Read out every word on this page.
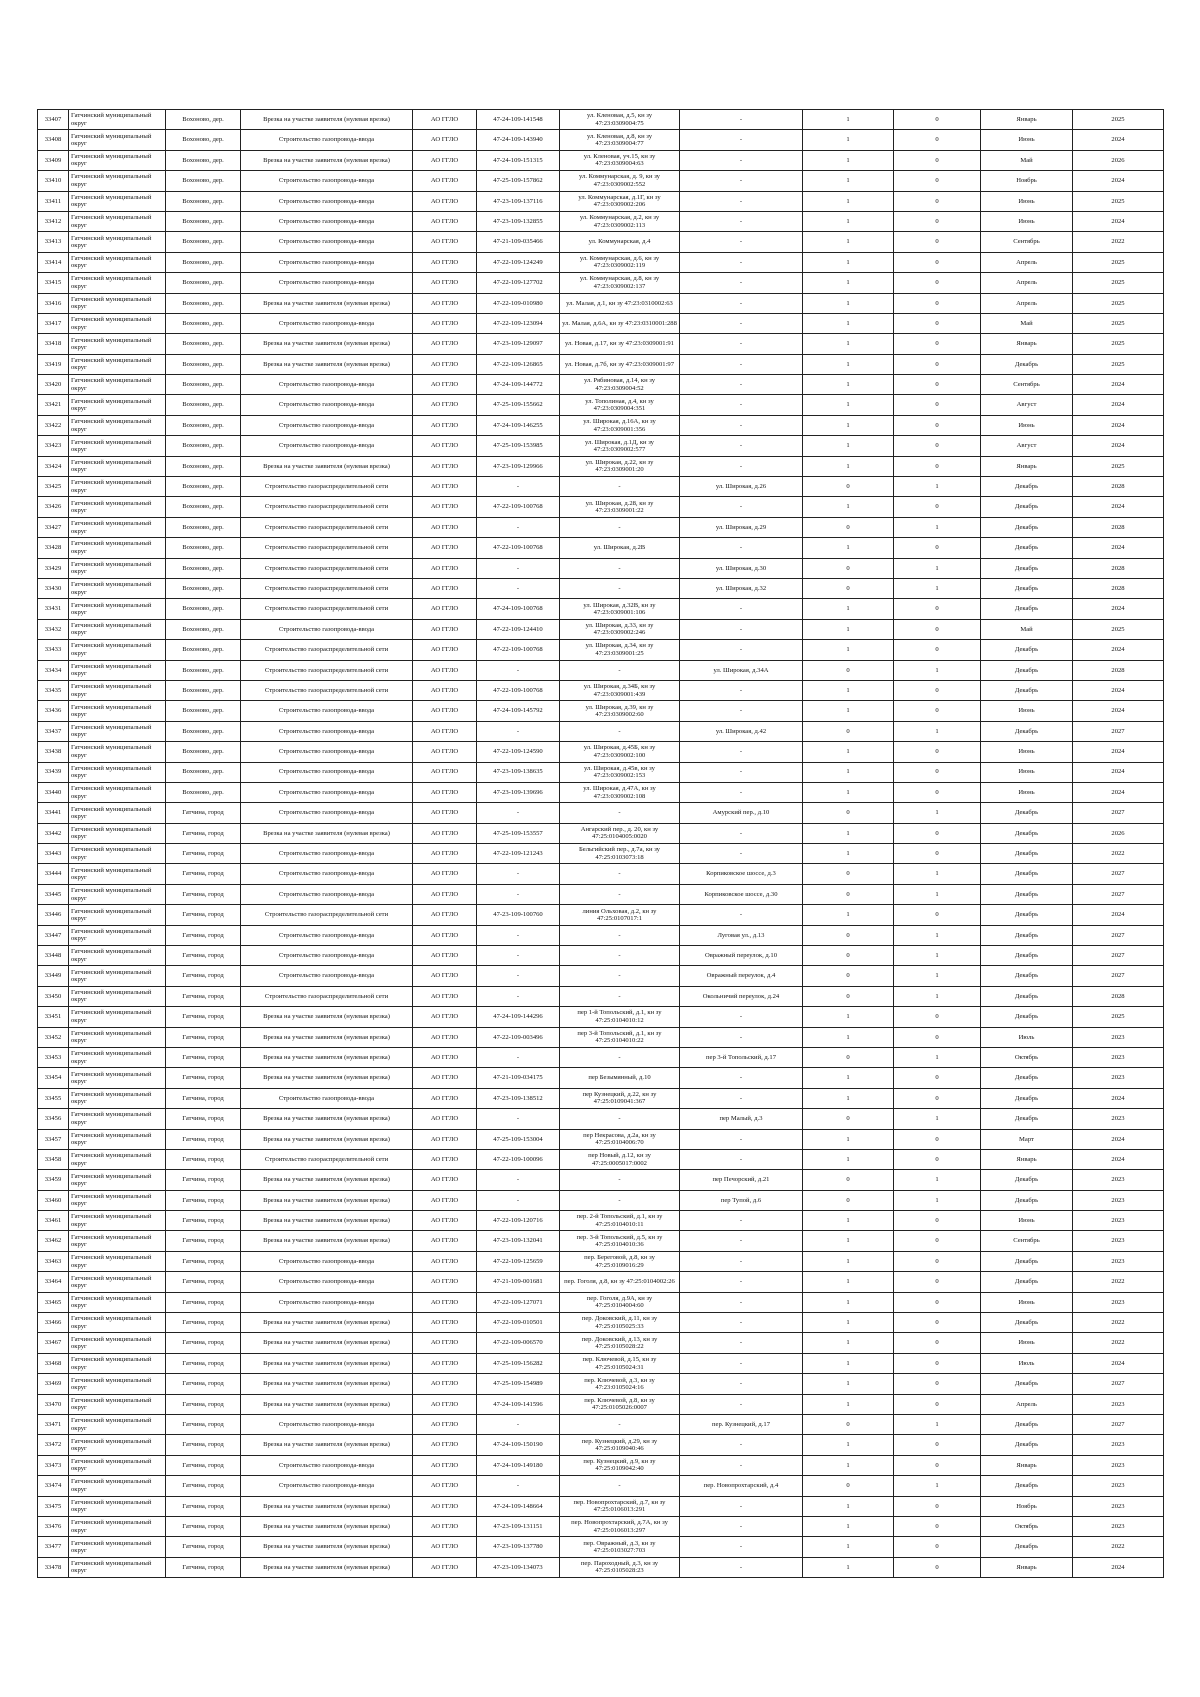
33407	Гатчинский муниципальный округ	Вохоново, дер.	Врезка на участке заявителя (нулевая врезка)	АО ГГЛО	47-24-109-141548	ул. Кленовая, д.5, кн зу 47:23:0309004:75	-	1	0	Январь	2025
33408	Гатчинский муниципальный округ	Вохоново, дер.	Строительство газопровода-ввода	АО ГГЛО	47-24-109-143940	ул. Кленовая, д.8, кн зу 47:23:0309004:77	-	1	0	Июнь	2024
33409	Гатчинский муниципальный округ	Вохоново, дер.	Врезка на участке заявителя (нулевая врезка)	АО ГГЛО	47-24-109-151315	ул. Кленовая, уч.15, кн зу 47:23:0309004:63	-	1	0	Май	2026
33410	Гатчинский муниципальный округ	Вохоново, дер.	Строительство газопровода-ввода	АО ГГЛО	47-25-109-157862	ул. Коммунарская, д. 9, кн зу 47:23:0309002:552	-	1	0	Ноябрь	2024
33411	Гатчинский муниципальный округ	Вохоново, дер.	Строительство газопровода-ввода	АО ГГЛО	47-23-109-137116	ул. Коммунарская, д.1Г, кн зу 47:23:0309002:206	-	1	0	Июнь	2025
33412	Гатчинский муниципальный округ	Вохоново, дер.	Строительство газопровода-ввода	АО ГГЛО	47-23-109-132855	ул. Коммунарская, д.2, кн зу 47:23:0309002:113	-	1	0	Июнь	2024
33413	Гатчинский муниципальный округ	Вохоново, дер.	Строительство газопровода-ввода	АО ГГЛО	47-21-109-035466	ул. Коммунарская, д.4	-	1	0	Сентябрь	2022
33414	Гатчинский муниципальный округ	Вохоново, дер.	Строительство газопровода-ввода	АО ГГЛО	47-22-109-124249	ул. Коммунарская, д.6, кн зу 47:23:0309002:119	-	1	0	Апрель	2025
33415	Гатчинский муниципальный округ	Вохоново, дер.	Строительство газопровода-ввода	АО ГГЛО	47-22-109-127702	ул. Коммунарская, д.8, кн зу 47:23:0309002:137	-	1	0	Апрель	2025
33416	Гатчинский муниципальный округ	Вохоново, дер.	Врезка на участке заявителя (нулевая врезка)	АО ГГЛО	47-22-109-010980	ул. Малая, д.1, кн зу 47:23:0310002:63	-	1	0	Апрель	2025
33417	Гатчинский муниципальный округ	Вохоново, дер.	Строительство газопровода-ввода	АО ГГЛО	47-22-109-123094	ул. Малая, д.6А, кн зу 47:23:0310001:288	-	1	0	Май	2025
33418	Гатчинский муниципальный округ	Вохоново, дер.	Врезка на участке заявителя (нулевая врезка)	АО ГГЛО	47-23-109-129097	ул. Новая, д.17, кн зу 47:23:0309001:91	-	1	0	Январь	2025
33419	Гатчинский муниципальный округ	Вохоново, дер.	Врезка на участке заявителя (нулевая врезка)	АО ГГЛО	47-22-109-126865	ул. Новая, д.7б, кн зу 47:23:0309001:97	-	1	0	Декабрь	2025
33420	Гатчинский муниципальный округ	Вохоново, дер.	Строительство газопровода-ввода	АО ГГЛО	47-24-109-144772	ул. Рябиновая, д.14, кн зу 47:23:0309004:52	-	1	0	Сентябрь	2024
33421	Гатчинский муниципальный округ	Вохоново, дер.	Строительство газопровода-ввода	АО ГГЛО	47-25-109-155662	ул. Тополиная, д.4, кн зу 47:23:0309004:351	-	1	0	Август	2024
33422	Гатчинский муниципальный округ	Вохоново, дер.	Строительство газопровода-ввода	АО ГГЛО	47-24-109-146255	ул. Широкая, д.16А, кн зу 47:23:0309001:356	-	1	0	Июнь	2024
33423	Гатчинский муниципальный округ	Вохоново, дер.	Строительство газопровода-ввода	АО ГГЛО	47-25-109-153985	ул. Широкая, д.1Д, кн зу 47:23:0309002:577	-	1	0	Август	2024
33424	Гатчинский муниципальный округ	Вохоново, дер.	Врезка на участке заявителя (нулевая врезка)	АО ГГЛО	47-23-109-129966	ул. Широкая, д.22, кн зу 47:23:0309001:20	-	1	0	Январь	2025
33425	Гатчинский муниципальный округ	Вохоново, дер.	Строительство газораспределительной сети	АО ГГЛО	-	-	ул. Широкая, д.26	0	1	Декабрь	2028
33426	Гатчинский муниципальный округ	Вохоново, дер.	Строительство газораспределительной сети	АО ГГЛО	47-22-109-100768	ул. Широкая, д.28, кн зу 47:23:0309001:22	-	1	0	Декабрь	2024
33427	Гатчинский муниципальный округ	Вохоново, дер.	Строительство газораспределительной сети	АО ГГЛО	-	-	ул. Широкая, д.29	0	1	Декабрь	2028
33428	Гатчинский муниципальный округ	Вохоново, дер.	Строительство газораспределительной сети	АО ГГЛО	47-22-109-100768	ул. Широкая, д.2В	-	1	0	Декабрь	2024
33429	Гатчинский муниципальный округ	Вохоново, дер.	Строительство газораспределительной сети	АО ГГЛО	-	-	ул. Широкая, д.30	0	1	Декабрь	2028
33430	Гатчинский муниципальный округ	Вохоново, дер.	Строительство газораспределительной сети	АО ГГЛО	-	-	ул. Широкая, д.32	0	1	Декабрь	2028
33431	Гатчинский муниципальный округ	Вохоново, дер.	Строительство газораспределительной сети	АО ГГЛО	47-24-109-100768	ул. Широкая, д.32В, кн зу 47:23:0309001:106	-	1	0	Декабрь	2024
33432	Гатчинский муниципальный округ	Вохоново, дер.	Строительство газопровода-ввода	АО ГГЛО	47-22-109-124410	ул. Широкая, д.33, кн зу 47:23:0309002:246	-	1	0	Май	2025
33433	Гатчинский муниципальный округ	Вохоново, дер.	Строительство газораспределительной сети	АО ГГЛО	47-22-109-100768	ул. Широкая, д.34, кн зу 47:23:0309001:25	-	1	0	Декабрь	2024
33434	Гатчинский муниципальный округ	Вохоново, дер.	Строительство газораспределительной сети	АО ГГЛО	-	-	ул. Широкая, д.34А	0	1	Декабрь	2028
33435	Гатчинский муниципальный округ	Вохоново, дер.	Строительство газораспределительной сети	АО ГГЛО	47-22-109-100768	ул. Широкая, д.34Б, кн зу 47:23:0309001:439	-	1	0	Декабрь	2024
33436	Гатчинский муниципальный округ	Вохоново, дер.	Строительство газопровода-ввода	АО ГГЛО	47-24-109-145792	ул. Широкая, д.39, кн зу 47:23:0309002:60	-	1	0	Июнь	2024
33437	Гатчинский муниципальный округ	Вохоново, дер.	Строительство газопровода-ввода	АО ГГЛО	-	-	ул. Широкая, д.42	0	1	Декабрь	2027
33438	Гатчинский муниципальный округ	Вохоново, дер.	Строительство газопровода-ввода	АО ГГЛО	47-22-109-124590	ул. Широкая, д.45Б, кн зу 47:23:0309002:100	-	1	0	Июнь	2024
33439	Гатчинский муниципальный округ	Вохоново, дер.	Строительство газопровода-ввода	АО ГГЛО	47-23-109-138635	ул. Широкая, д.45в, кн зу 47:23:0309002:153	-	1	0	Июнь	2024
33440	Гатчинский муниципальный округ	Вохоново, дер.	Строительство газопровода-ввода	АО ГГЛО	47-23-109-139696	ул. Широкая, д.47А, кн зу 47:23:0309002:108	-	1	0	Июнь	2024
33441	Гатчинский муниципальный округ	Гатчина, город	Строительство газопровода-ввода	АО ГГЛО	-	-	Амурский пер., д.10	0	1	Декабрь	2027
33442	Гатчинский муниципальный округ	Гатчина, город	Врезка на участке заявителя (нулевая врезка)	АО ГГЛО	47-25-109-153557	Ангарский пер., д. 20, кн зу 47:25:0104005:0020	-	1	0	Декабрь	2026
33443	Гатчинский муниципальный округ	Гатчина, город	Строительство газопровода-ввода	АО ГГЛО	47-22-109-121243	Бельгийский пер., д.7а, кн зу 47:25:0103073:18	-	1	0	Декабрь	2022
33444	Гатчинский муниципальный округ	Гатчина, город	Строительство газопровода-ввода	АО ГГЛО	-	-	Корпиковское шоссе, д.3	0	1	Декабрь	2027
33445	Гатчинский муниципальный округ	Гатчина, город	Строительство газопровода-ввода	АО ГГЛО	-	-	Корпиковское шоссе, д.30	0	1	Декабрь	2027
33446	Гатчинский муниципальный округ	Гатчина, город	Строительство газораспределительной сети	АО ГГЛО	47-23-109-100760	линия Ольховая, д.2, кн зу 47:25:0107017:1	-	1	0	Декабрь	2024
33447	Гатчинский муниципальный округ	Гатчина, город	Строительство газопровода-ввода	АО ГГЛО	-	-	Луговая ул., д.13	0	1	Декабрь	2027
33448	Гатчинский муниципальный округ	Гатчина, город	Строительство газопровода-ввода	АО ГГЛО	-	-	Овражный переулок, д.10	0	1	Декабрь	2027
33449	Гатчинский муниципальный округ	Гатчина, город	Строительство газопровода-ввода	АО ГГЛО	-	-	Овражный переулок, д.4	0	1	Декабрь	2027
33450	Гатчинский муниципальный округ	Гатчина, город	Строительство газораспределительной сети	АО ГГЛО	-	-	Окольничий переулок, д.24	0	1	Декабрь	2028
33451	Гатчинский муниципальный округ	Гатчина, город	Врезка на участке заявителя (нулевая врезка)	АО ГГЛО	47-24-109-144296	пер 1-й Топольский, д.1, кн зу 47:25:0104010:12	-	1	0	Декабрь	2025
33452	Гатчинский муниципальный округ	Гатчина, город	Врезка на участке заявителя (нулевая врезка)	АО ГГЛО	47-22-109-003496	пер 3-й Топольский, д.1, кн зу 47:25:0104010:22	-	1	0	Июль	2023
33453	Гатчинский муниципальный округ	Гатчина, город	Врезка на участке заявителя (нулевая врезка)	АО ГГЛО	-	-	пер 3-й Топольский, д.17	0	1	Октябрь	2023
33454	Гатчинский муниципальный округ	Гатчина, город	Врезка на участке заявителя (нулевая врезка)	АО ГГЛО	47-21-109-034175	пер Безымянный, д.10	-	1	0	Декабрь	2023
33455	Гатчинский муниципальный округ	Гатчина, город	Строительство газопровода-ввода	АО ГГЛО	47-23-109-138512	пер Кузнецкий, д.22, кн зу 47:25:0109041:367	-	1	0	Декабрь	2024
33456	Гатчинский муниципальный округ	Гатчина, город	Врезка на участке заявителя (нулевая врезка)	АО ГГЛО	-	-	пер Малый, д.3	0	1	Декабрь	2023
33457	Гатчинский муниципальный округ	Гатчина, город	Врезка на участке заявителя (нулевая врезка)	АО ГГЛО	47-25-109-153004	пер Некрасова, д.2а, кн зу 47:25:0104006:70	-	1	0	Март	2024
33458	Гатчинский муниципальный округ	Гатчина, город	Строительство газораспределительной сети	АО ГГЛО	47-22-109-100096	пер Новый, д.12, кн зу 47:25:0005017:0002	-	1	0	Январь	2024
33459	Гатчинский муниципальный округ	Гатчина, город	Врезка на участке заявителя (нулевая врезка)	АО ГГЛО	-	-	пер Печорский, д.21	0	1	Декабрь	2023
33460	Гатчинский муниципальный округ	Гатчина, город	Врезка на участке заявителя (нулевая врезка)	АО ГГЛО	-	-	пер Тупой, д.6	0	1	Декабрь	2023
33461	Гатчинский муниципальный округ	Гатчина, город	Врезка на участке заявителя (нулевая врезка)	АО ГГЛО	47-22-109-120716	пер. 2-й Топольский, д.1, кн зу 47:25:0104010:11	-	1	0	Июнь	2023
33462	Гатчинский муниципальный округ	Гатчина, город	Врезка на участке заявителя (нулевая врезка)	АО ГГЛО	47-23-109-132041	пер. 3-й Топольский, д.5, кн зу 47:25:0104010:36	-	1	0	Сентябрь	2023
33463	Гатчинский муниципальный округ	Гатчина, город	Строительство газопровода-ввода	АО ГГЛО	47-22-109-125659	пер. Береговой, д.8, кн зу 47:25:0109016:29	-	1	0	Декабрь	2023
33464	Гатчинский муниципальный округ	Гатчина, город	Строительство газопровода-ввода	АО ГГЛО	47-21-109-001681	пер. Гоголя, д.8, кн зу 47:25:0104002:26	-	1	0	Декабрь	2022
33465	Гатчинский муниципальный округ	Гатчина, город	Строительство газопровода-ввода	АО ГГЛО	47-22-109-127071	пер. Гоголя, д.9А, кн зу 47:25:0104004:60	-	1	0	Июнь	2023
33466	Гатчинский муниципальный округ	Гатчина, город	Врезка на участке заявителя (нулевая врезка)	АО ГГЛО	47-22-109-010501	пер. Доковский, д.11, кн зу 47:25:0105025:33	-	1	0	Декабрь	2022
33467	Гатчинский муниципальный округ	Гатчина, город	Врезка на участке заявителя (нулевая врезка)	АО ГГЛО	47-22-109-006570	пер. Доковский, д.13, кн зу 47:25:0105028:22	-	1	0	Июнь	2022
33468	Гатчинский муниципальный округ	Гатчина, город	Врезка на участке заявителя (нулевая врезка)	АО ГГЛО	47-25-109-156282	пер. Ключевой, д.15, кн зу 47:25:0105024:31	-	1	0	Июль	2024
33469	Гатчинский муниципальный округ	Гатчина, город	Врезка на участке заявителя (нулевая врезка)	АО ГГЛО	47-25-109-154989	пер. Ключевой, д.3, кн зу 47:23:0105024:16	-	1	0	Декабрь	2027
33470	Гатчинский муниципальный округ	Гатчина, город	Врезка на участке заявителя (нулевая врезка)	АО ГГЛО	47-24-109-141596	пер. Ключевой, д.8, кн зу 47:25:0105026:0007	-	1	0	Апрель	2023
33471	Гатчинский муниципальный округ	Гатчина, город	Строительство газопровода-ввода	АО ГГЛО	-	-	пер. Кузнецкий, д.17	0	1	Декабрь	2027
33472	Гатчинский муниципальный округ	Гатчина, город	Врезка на участке заявителя (нулевая врезка)	АО ГГЛО	47-24-109-150190	пер. Кузнецкий, д.29, кн зу 47:25:0109040:46	-	1	0	Декабрь	2023
33473	Гатчинский муниципальный округ	Гатчина, город	Строительство газопровода-ввода	АО ГГЛО	47-24-109-149180	пер. Кузнецкий, д.9, кн зу 47:25:0109042:40	-	1	0	Январь	2023
33474	Гатчинский муниципальный округ	Гатчина, город	Строительство газопровода-ввода	АО ГГЛО	-	-	пер. Новопрохтарский, д.4	0	1	Декабрь	2023
33475	Гатчинский муниципальный округ	Гатчина, город	Врезка на участке заявителя (нулевая врезка)	АО ГГЛО	47-24-109-148664	пер. Новопрохтарский, д.7, кн зу 47:25:0106013:291	-	1	0	Ноябрь	2023
33476	Гатчинский муниципальный округ	Гатчина, город	Врезка на участке заявителя (нулевая врезка)	АО ГГЛО	47-23-109-131151	пер. Новопрохтарский, д.7А, кн зу 47:25:0106013:297	-	1	0	Октябрь	2023
33477	Гатчинский муниципальный округ	Гатчина, город	Врезка на участке заявителя (нулевая врезка)	АО ГГЛО	47-23-109-137780	пер. Овражный, д.3, кн зу 47:25:0103027:703	-	1	0	Декабрь	2022
33478	Гатчинский муниципальный округ	Гатчина, город	Врезка на участке заявителя (нулевая врезка)	АО ГГЛО	47-23-109-134073	пер. Пароходный, д.3, кн зу 47:25:0105028:23	-	1	0	Январь	2024
